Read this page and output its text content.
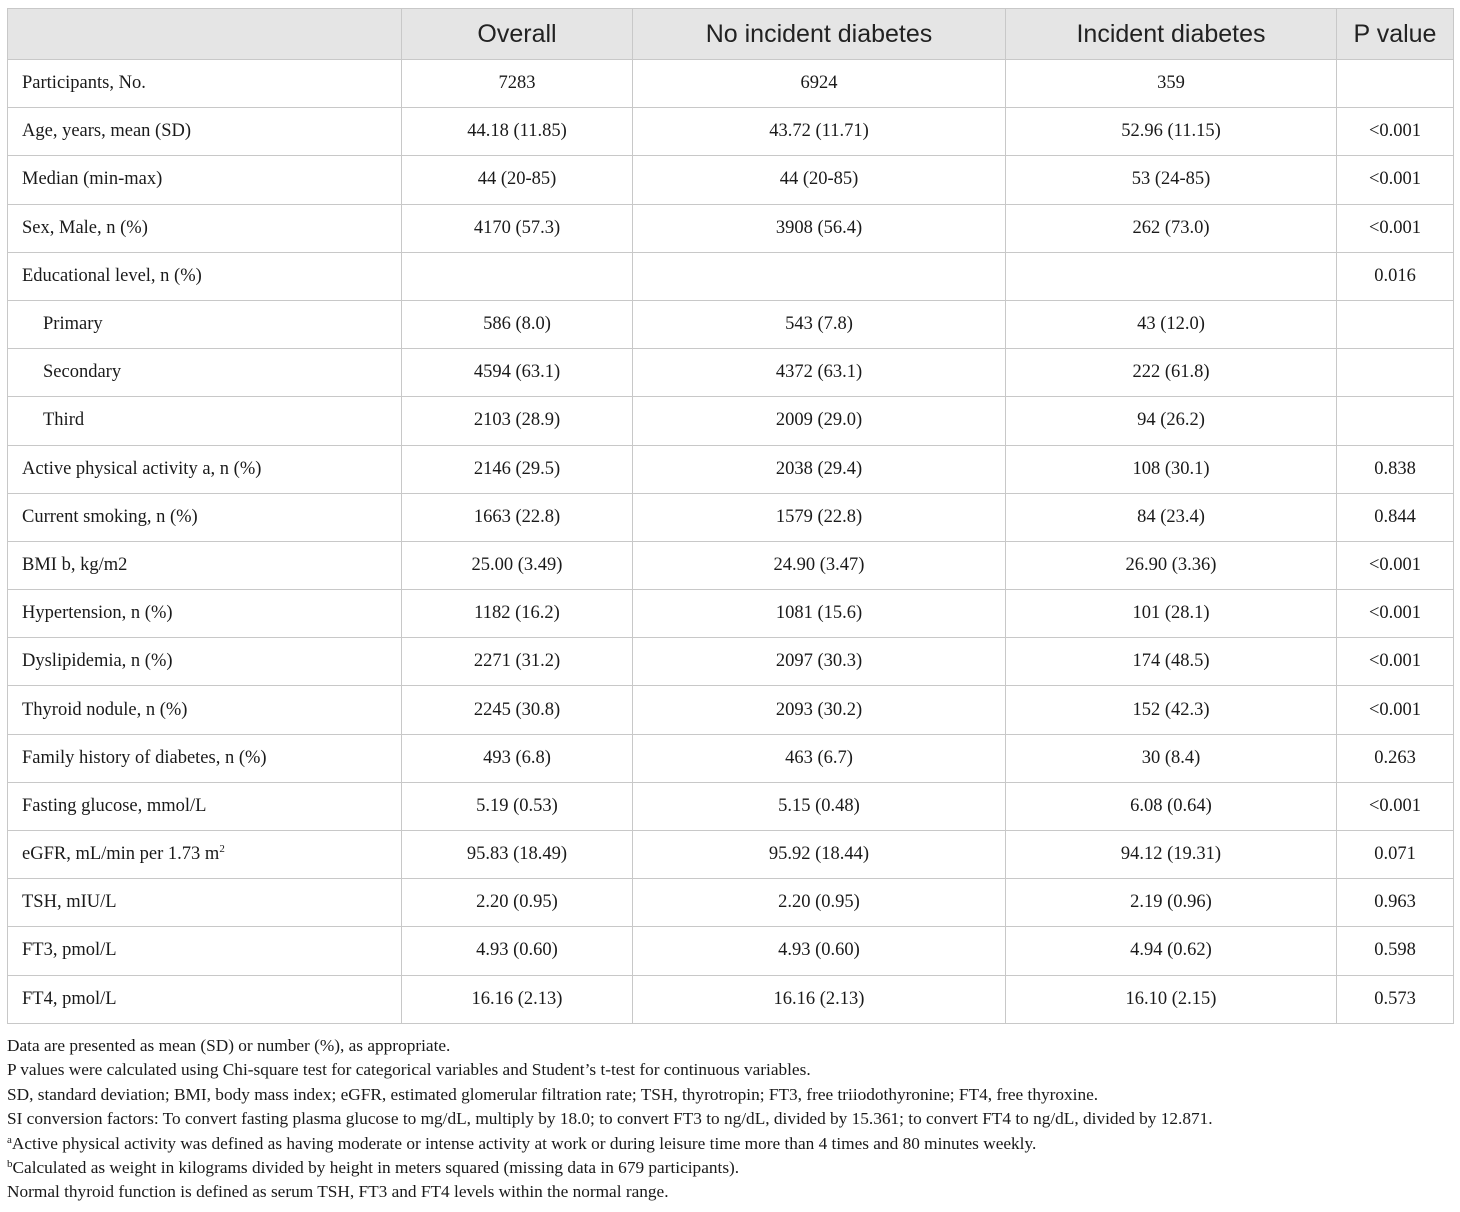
	Overall	No incident diabetes	Incident diabetes	P value
Participants, No.	7283	6924	359	
Age, years, mean (SD)	44.18 (11.85)	43.72 (11.71)	52.96 (11.15)	<0.001
Median (min-max)	44 (20-85)	44 (20-85)	53 (24-85)	<0.001
Sex, Male, n (%)	4170 (57.3)	3908 (56.4)	262 (73.0)	<0.001
Educational level, n (%)				0.016
Primary	586 (8.0)	543 (7.8)	43 (12.0)	
Secondary	4594 (63.1)	4372 (63.1)	222 (61.8)	
Third	2103 (28.9)	2009 (29.0)	94 (26.2)	
Active physical activity a, n (%)	2146 (29.5)	2038 (29.4)	108 (30.1)	0.838
Current smoking, n (%)	1663 (22.8)	1579 (22.8)	84 (23.4)	0.844
BMI b, kg/m2	25.00 (3.49)	24.90 (3.47)	26.90 (3.36)	<0.001
Hypertension, n (%)	1182 (16.2)	1081 (15.6)	101 (28.1)	<0.001
Dyslipidemia, n (%)	2271 (31.2)	2097 (30.3)	174 (48.5)	<0.001
Thyroid nodule, n (%)	2245 (30.8)	2093 (30.2)	152 (42.3)	<0.001
Family history of diabetes, n (%)	493 (6.8)	463 (6.7)	30 (8.4)	0.263
Fasting glucose, mmol/L	5.19 (0.53)	5.15 (0.48)	6.08 (0.64)	<0.001
eGFR, mL/min per 1.73 $m^2$	95.83 (18.49)	95.92 (18.44)	94.12 (19.31)	0.071
TSH, mIU/L	2.20 (0.95)	2.20 (0.95)	2.19 (0.96)	0.963
FT3, pmol/L	4.93 (0.60)	4.93 (0.60)	4.94 (0.62)	0.598
FT4, pmol/L	16.16 (2.13)	16.16 (2.13)	16.10 (2.15)	0.573
Data are presented as mean (SD) or number (%), as appropriate.
P values were calculated using Chi-square test for categorical variables and Student’s t-test for continuous variables.
SD, standard deviation; BMI, body mass index; eGFR, estimated glomerular filtration rate; TSH, thyrotropin; FT3, free triiodothyronine; FT4, free thyroxine.
SI conversion factors: To convert fasting plasma glucose to mg/dL, multiply by 18.0; to convert FT3 to ng/dL, divided by 15.361; to convert FT4 to ng/dL, divided by 12.871.
$^a$Active physical activity was defined as having moderate or intense activity at work or during leisure time more than 4 times and 80 minutes weekly.
$^b$Calculated as weight in kilograms divided by height in meters squared (missing data in 679 participants).
Normal thyroid function is defined as serum TSH, FT3 and FT4 levels within the normal range.
